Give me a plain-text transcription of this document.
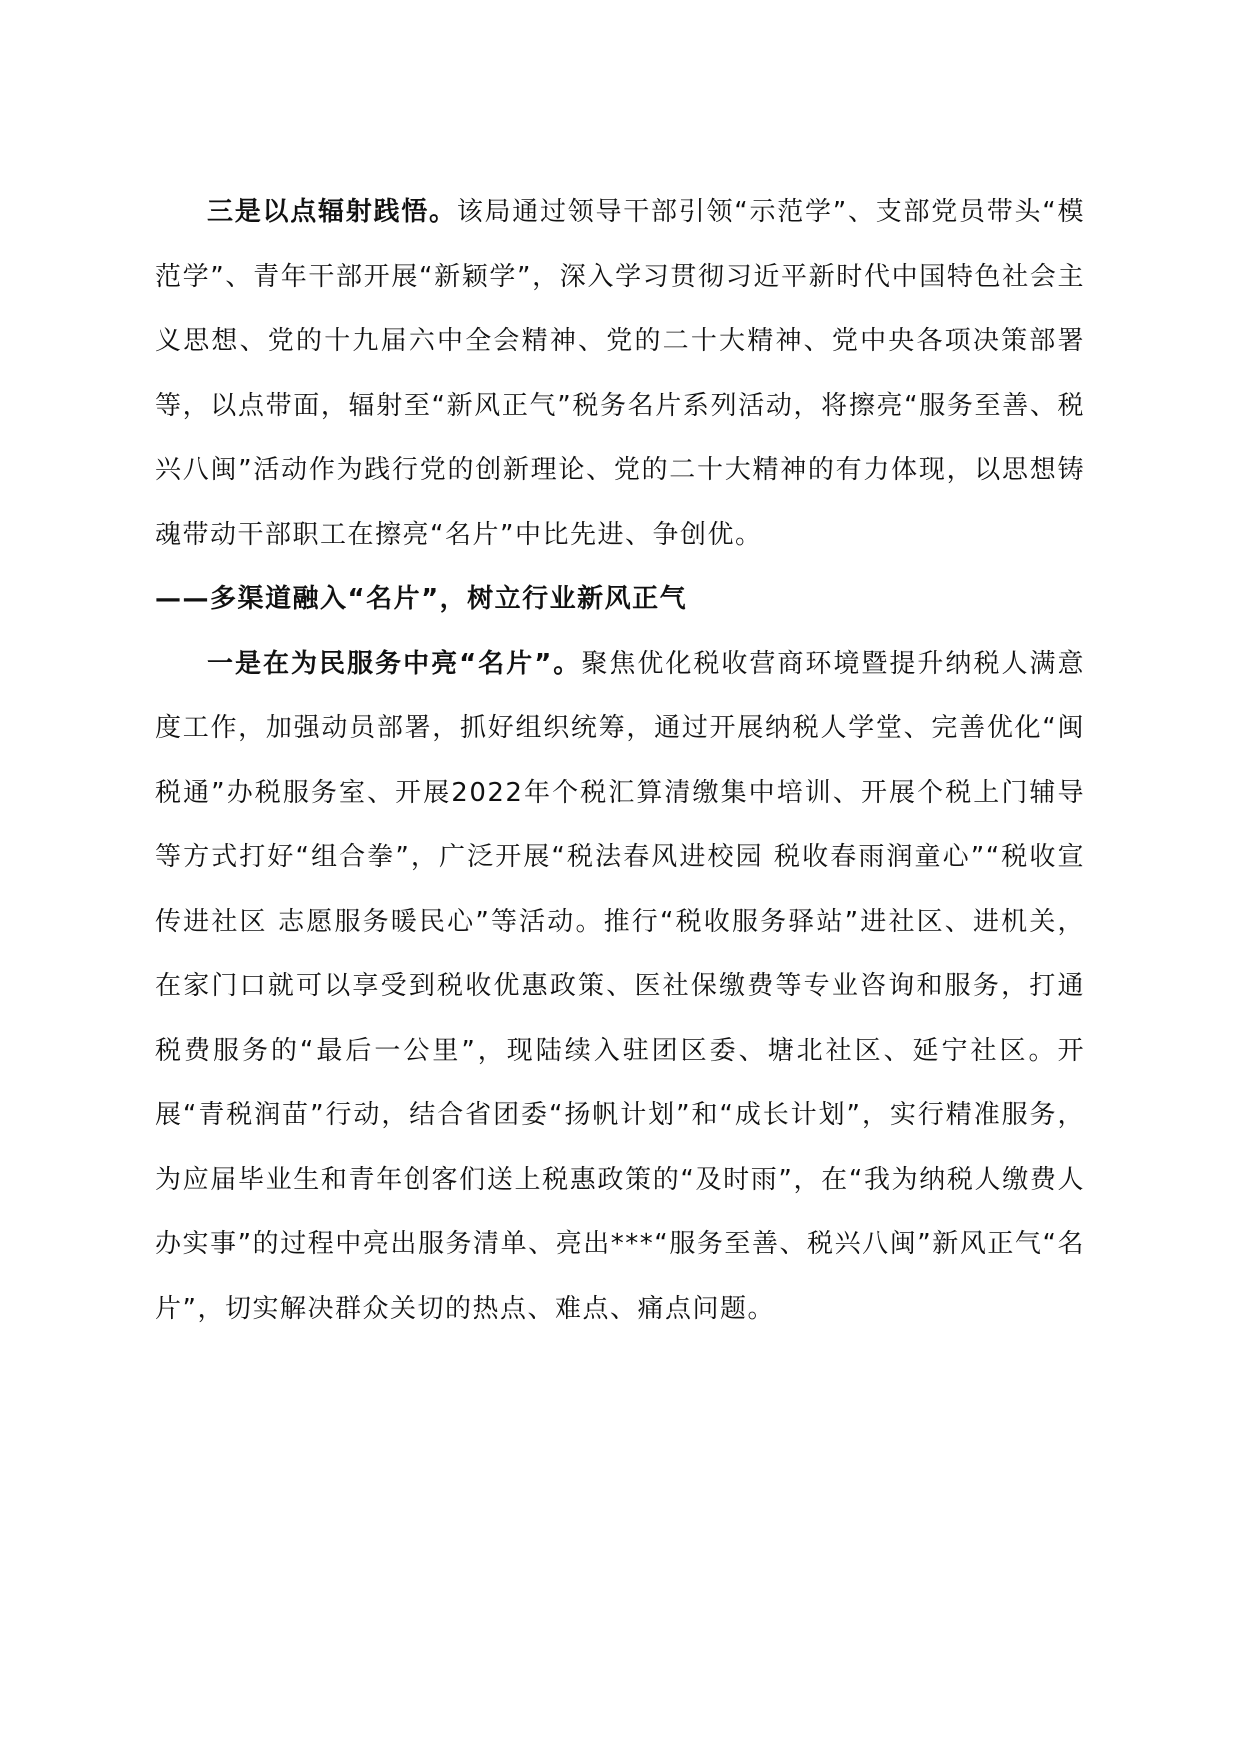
三是以点辐射践悟。该局通过领导干部引领“示范学”、支部党员带头“模范学”、青年干部开展“新颖学”，深入学习贯彻习近平新时代中国特色社会主义思想、党的十九届六中全会精神、党的二十大精神、党中央各项决策部署等，以点带面，辐射至“新风正气”税务名片系列活动，将擦亮“服务至善、税兴八闽”活动作为践行党的创新理论、党的二十大精神的有力体现，以思想铸魂带动干部职工在擦亮“名片”中比先进、争创优。

——多渠道融入“名片”，树立行业新风正气

一是在为民服务中亮“名片”。聚焦优化税收营商环境暨提升纳税人满意度工作，加强动员部署，抓好组织统筹，通过开展纳税人学堂、完善优化“闽税通”办税服务室、开展2022年个税汇算清缴集中培训、开展个税上门辅导等方式打好“组合拳”，广泛开展“税法春风进校园 税收春雨润童心”“税收宣传进社区 志愿服务暖民心”等活动。推行“税收服务驿站”进社区、进机关，在家门口就可以享受到税收优惠政策、医社保缴费等专业咨询和服务，打通税费服务的“最后一公里”，现陆续入驻团区委、塘北社区、延宁社区。开展“青税润苗”行动，结合省团委“扬帆计划”和“成长计划”，实行精准服务，为应届毕业生和青年创客们送上税惠政策的“及时雨”，在“我为纳税人缴费人办实事”的过程中亮出服务清单、亮出***“服务至善、税兴八闽”新风正气“名片”，切实解决群众关切的热点、难点、痛点问题。
